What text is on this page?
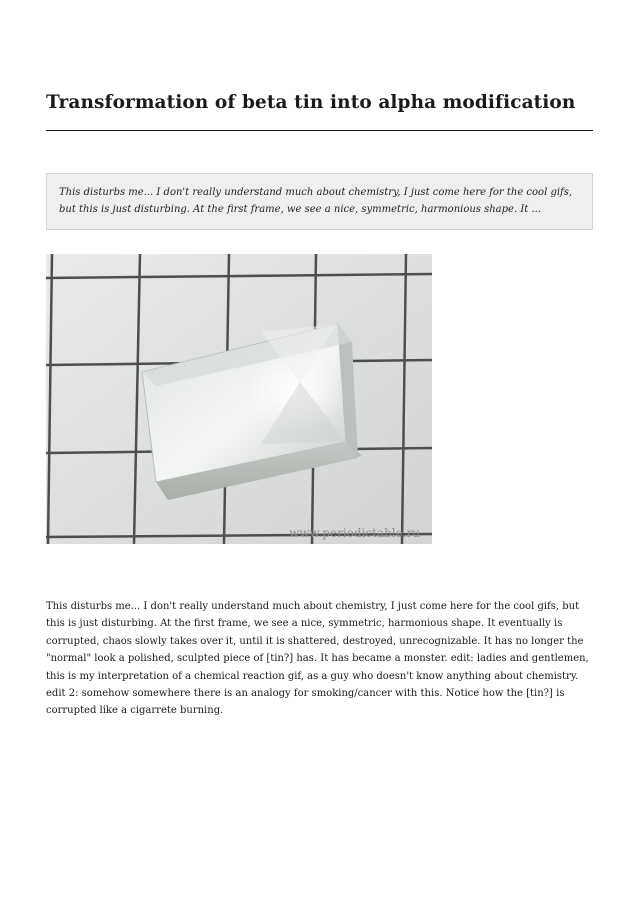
Transformation of beta tin into alpha modification
This disturbs me... I don't really understand much about chemistry, I just come here for the cool gifs, but this is just disturbing. At the first frame, we see a nice, symmetric, harmonious shape. It ...
www.periodictable.ru

This disturbs me... I don't really understand much about chemistry, I just come here for the cool gifs, but this is just disturbing. At the first frame, we see a nice, symmetric, harmonious shape. It eventually is corrupted, chaos slowly takes over it, until it is shattered, destroyed, unrecognizable. It has no longer the "normal" look a polished, sculpted piece of [tin?] has. It has became a monster. edit: ladies and gentlemen, this is my interpretation of a chemical reaction gif, as a guy who doesn't know anything about chemistry. edit 2: somehow somewhere there is an analogy for smoking/cancer with this. Notice how the [tin?] is corrupted like a cigarrete burning.
